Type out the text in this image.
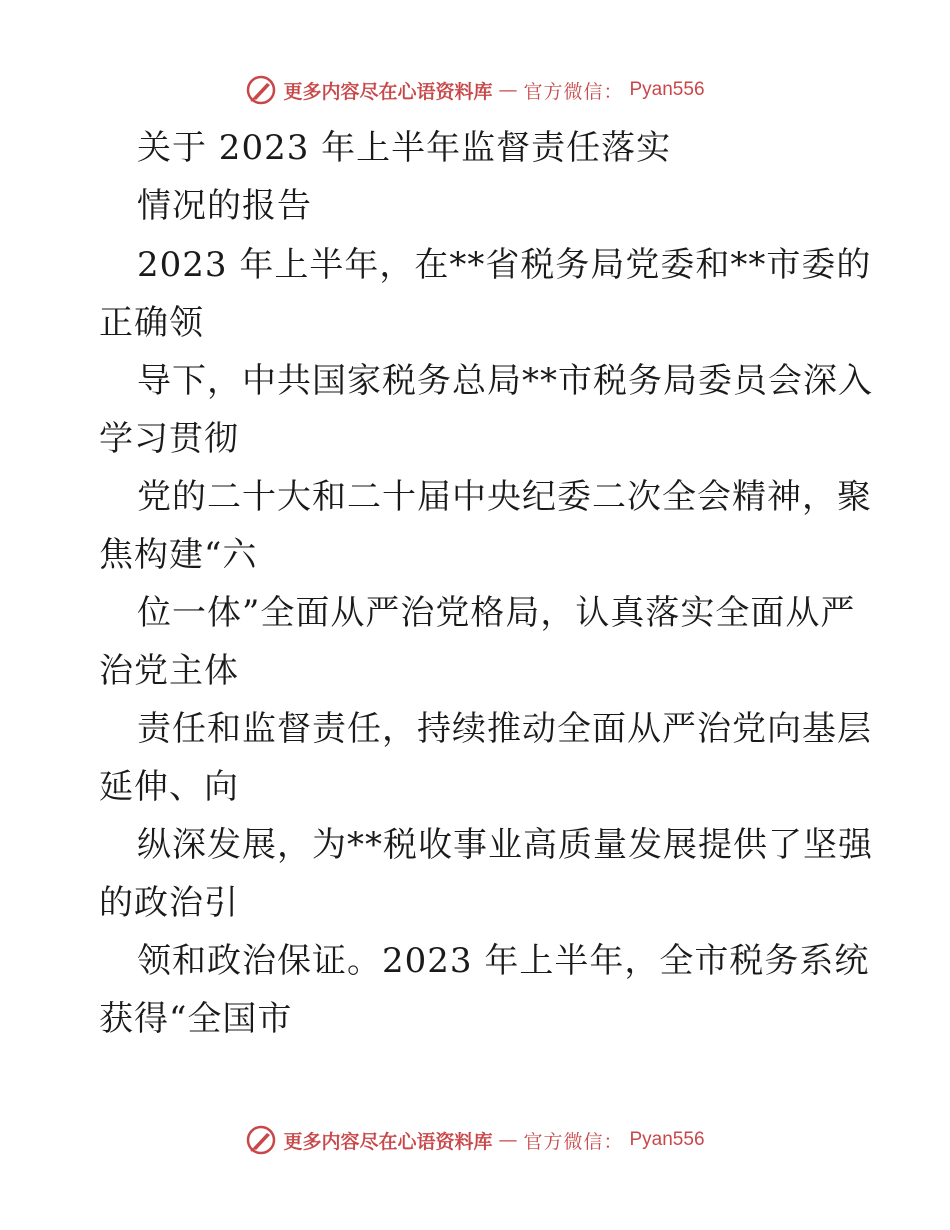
更多内容尽在心语资料库 — 官方微信： Pyan556
关于 2023 年上半年监督责任落实
情况的报告
2023 年上半年，在**省税务局党委和**市委的
正确领
导下，中共国家税务总局**市税务局委员会深入
学习贯彻
党的二十大和二十届中央纪委二次全会精神，聚
焦构建“六
位一体”全面从严治党格局，认真落实全面从严
治党主体
责任和监督责任，持续推动全面从严治党向基层
延伸、向
纵深发展，为**税收事业高质量发展提供了坚强
的政治引
领和政治保证。2023 年上半年，全市税务系统
获得“全国市
更多内容尽在心语资料库 — 官方微信： Pyan556
